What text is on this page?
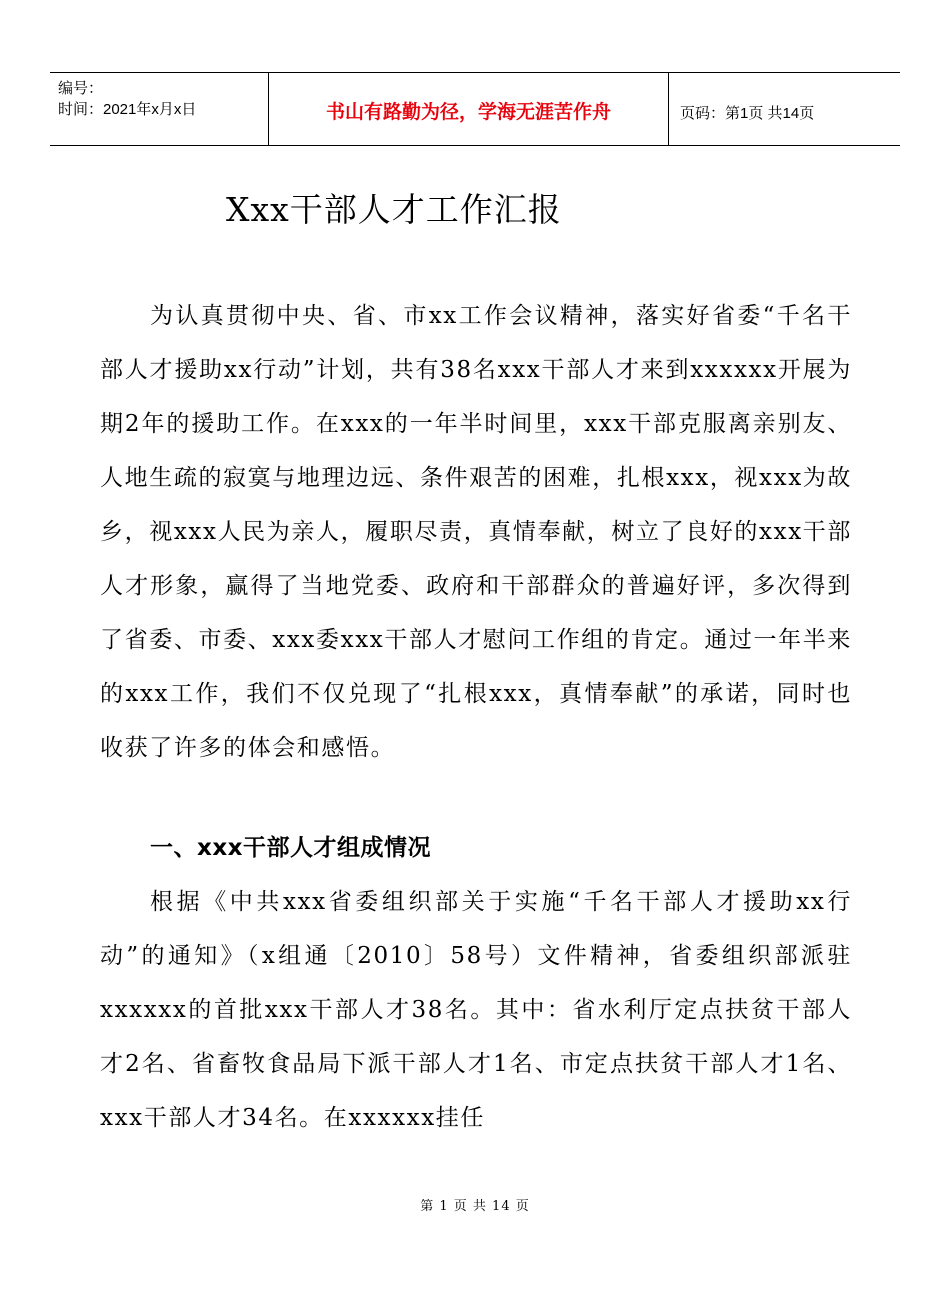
编号：
时间：2021年x月x日	书山有路勤为径，学海无涯苦作舟	页码：第1页 共14页
Xxx干部人才工作汇报
为认真贯彻中央、省、市xx工作会议精神，落实好省委“千名干部人才援助xx行动”计划，共有38名xxx干部人才来到xxxxxx开展为期2年的援助工作。在xxx的一年半时间里，xxx干部克服离亲别友、人地生疏的寂寞与地理边远、条件艰苦的困难，扎根xxx，视xxx为故乡，视xxx人民为亲人，履职尽责，真情奉献，树立了良好的xxx干部人才形象，赢得了当地党委、政府和干部群众的普遍好评，多次得到了省委、市委、xxx委xxx干部人才慰问工作组的肯定。通过一年半来的xxx工作，我们不仅兑现了“扎根xxx，真情奉献”的承诺，同时也收获了许多的体会和感悟。
一、xxx干部人才组成情况
根据《中共xxx省委组织部关于实施“千名干部人才援助xx行动”的通知》（x组通〔2010〕58号）文件精神，省委组织部派驻xxxxxx的首批xxx干部人才38名。其中：省水利厅定点扶贫干部人才2名、省畜牧食品局下派干部人才1名、市定点扶贫干部人才1名、xxx干部人才34名。在xxxxxx挂任
第 1 页 共 14 页
